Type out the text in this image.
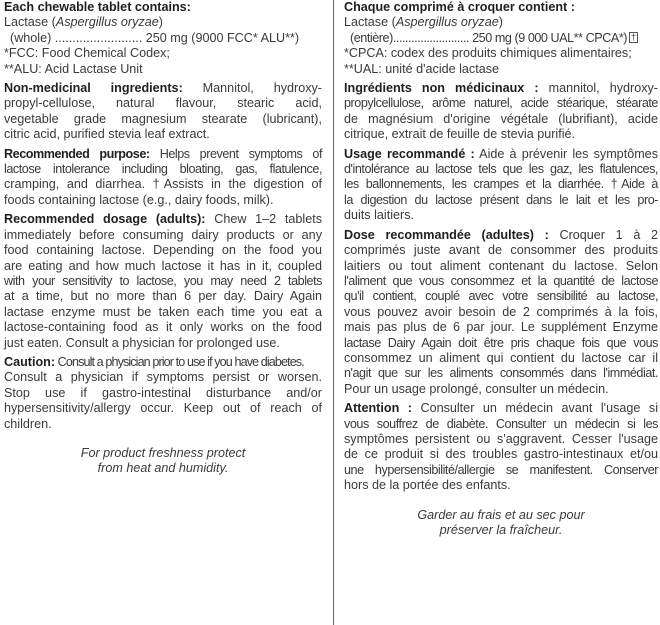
Each chewable tablet contains:
Lactase (Aspergillus oryzae)
(whole) ......................... 250 mg (9000 FCC* ALU**)
*FCC: Food Chemical Codex;
**ALU: Acid Lactase Unit
Non-medicinal ingredients: Mannitol, hydroxy-
propyl-cellulose, natural flavour, stearic acid,
vegetable grade magnesium stearate (lubricant),
citric acid, purified stevia leaf extract.
Recommended purpose: Helps prevent symptoms of
lactose intolerance including bloating, gas, flatulence,
cramping, and diarrhea. †Assists in the digestion of
foods containing lactose (e.g., dairy foods, milk).
Recommended dosage (adults): Chew 1–2 tablets
immediately before consuming dairy products or any
food containing lactose. Depending on the food you
are eating and how much lactose it has in it, coupled
with your sensitivity to lactose, you may need 2 tablets
at a time, but no more than 6 per day. Dairy Again
lactase enzyme must be taken each time you eat a
lactose-containing food as it only works on the food
just eaten. Consult a physician for prolonged use.
Caution: Consult a physician prior to use if you have diabetes.
Consult a physician if symptoms persist or worsen.
Stop use if gastro-intestinal disturbance and/or
hypersensitivity/allergy occur. Keep out of reach of
children.
For product freshness protect
from heat and humidity.
Chaque comprimé à croquer contient :
Lactase (Aspergillus oryzae)
(entière)......................... 250 mg (9 000 UAL** CPCA*) †
*CPCA: codex des produits chimiques alimentaires;
**UAL: unité d'acide lactase
Ingrédients non médicinaux : mannitol, hydroxy-
propylcellulose, arôme naturel, acide stéarique, stéarate
de magnésium d'origine végétale (lubrifiant), acide
citrique, extrait de feuille de stevia purifié.
Usage recommandé : Aide à prévenir les symptômes
d'intolérance au lactose tels que les gaz, les flatulences,
les ballonnements, les crampes et la diarrhée. †Aide à
la digestion du lactose présent dans le lait et les pro-
duits laitiers.
Dose recommandée (adultes) : Croquer 1 à 2
comprimés juste avant de consommer des produits
laitiers ou tout aliment contenant du lactose. Selon
l'aliment que vous consommez et la quantité de lactose
qu'il contient, couplé avec votre sensibilité au lactose,
vous pouvez avoir besoin de 2 comprimés à la fois,
mais pas plus de 6 par jour. Le supplément Enzyme
lactase Dairy Again doit être pris chaque fois que vous
consommez un aliment qui contient du lactose car il
n'agit que sur les aliments consommés dans l'immédiat.
Pour un usage prolongé, consulter un médecin.
Attention : Consulter un médecin avant l'usage si
vous souffrez de diabète. Consulter un médecin si les
symptômes persistent ou s'aggravent. Cesser l'usage
de ce produit si des troubles gastro-intestinaux et/ou
une hypersensibilité/allergie se manifestent. Conserver
hors de la portée des enfants.
Garder au frais et au sec pour
préserver la fraîcheur.
